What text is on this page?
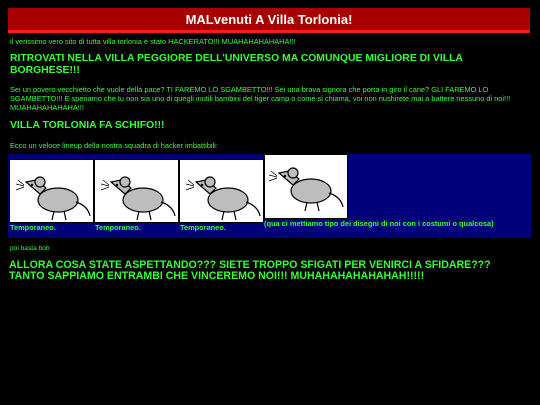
MALvenuti A Villa Torlonia!
il verissimo vero sito di tutta villa torlonia è stato HACKERATO!!! MUAHAHAHAHAHA!!!
RITROVATI NELLA VILLA PEGGIORE DELL'UNIVERSO MA COMUNQUE MIGLIORE DI VILLA BORGHESE!!!
Sei un povero vecchietto che vuole della pace? TI FAREMO LO SGAMBETTO!!! Sei una brava signora che porta in giro il cane? GLI FAREMO LO SGAMBETTO!!! E speriamo che tu non sia uno di quegli inutili bambini del tiger camp o come si chiama, voi non riushirete mai a battere nessuno di noi!!! MUAHAHAHAHAHA!!!
VILLA TORLONIA FA SCHIFO!!!
Ecco un veloce lineup della nostra squadra di hacker imbattibili:
Temporaneo.	Temporaneo.	Temporaneo.	(qua ci mettiamo tipo dei disegni di noi con i costumi o qualcosa)
poi basta boh
ALLORA COSA STATE ASPETTANDO??? SIETE TROPPO SFIGATI PER VENIRCI A SFIDARE???
TANTO SAPPIAMO ENTRAMBI CHE VINCEREMO NOI!!! MUHAHAHAHAHAHAH!!!!!
